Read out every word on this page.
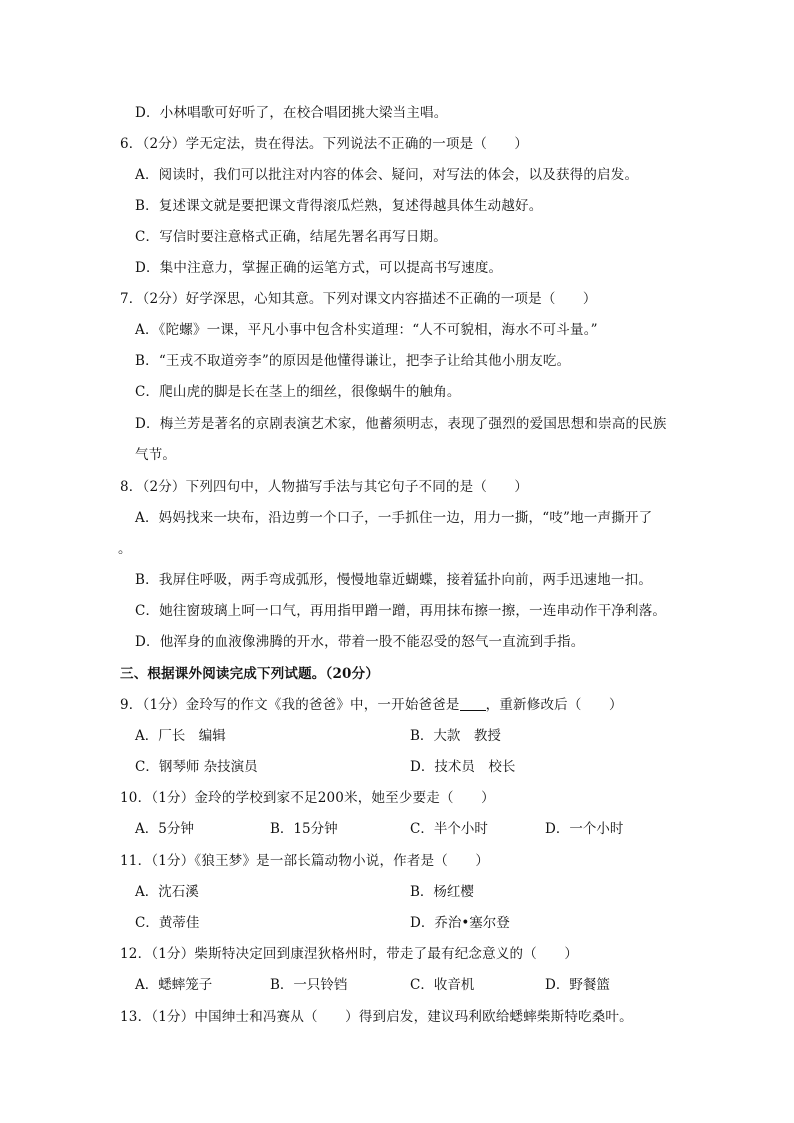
D．小林唱歌可好听了，在校合唱团挑大梁当主唱。
6．（2分）学无定法，贵在得法。下列说法不正确的一项是（　　）
A．阅读时，我们可以批注对内容的体会、疑问，对写法的体会，以及获得的启发。
B．复述课文就是要把课文背得滚瓜烂熟，复述得越具体生动越好。
C．写信时要注意格式正确，结尾先署名再写日期。
D．集中注意力，掌握正确的运笔方式，可以提高书写速度。
7．（2分）好学深思，心知其意。下列对课文内容描述不正确的一项是（　　）
A．《陀螺》一课，平凡小事中包含朴实道理：“人不可貌相，海水不可斗量。”
B．“王戎不取道旁李”的原因是他懂得谦让，把李子让给其他小朋友吃。
C．爬山虎的脚是长在茎上的细丝，很像蜗牛的触角。
D．梅兰芳是著名的京剧表演艺术家，他蓄须明志，表现了强烈的爱国思想和崇高的民族
气节。
8．（2分）下列四句中，人物描写手法与其它句子不同的是（　　）
A．妈妈找来一块布，沿边剪一个口子，一手抓住一边，用力一撕，“吱”地一声撕开了
。
B．我屏住呼吸，两手弯成弧形，慢慢地靠近蝴蝶，接着猛扑向前，两手迅速地一扣。
C．她往窗玻璃上呵一口气，再用指甲蹭一蹭，再用抹布擦一擦，一连串动作干净利落。
D．他浑身的血液像沸腾的开水，带着一股不能忍受的怒气一直流到手指。
三、根据课外阅读完成下列试题。（20分）
9．（1分）金玲写的作文《我的爸爸》中，一开始爸爸是 ，重新修改后（　　）
A．厂长　编辑	B．大款　教授
C．钢琴师 杂技演员	D．技术员　校长
10．（1分）金玲的学校到家不足200米，她至少要走（　　）
A．5分钟	B．15分钟	C．半个小时	D．一个小时
11．（1分）《狼王梦》是一部长篇动物小说，作者是（　　）
A．沈石溪	B．杨红樱
C．黄蒂佳	D．乔治•塞尔登
12．（1分）柴斯特决定回到康涅狄格州时，带走了最有纪念意义的（　　）
A．蟋蟀笼子	B．一只铃铛	C．收音机	D．野餐篮
13．（1分）中国绅士和冯赛从（　　）得到启发，建议玛利欧给蟋蟀柴斯特吃桑叶。
